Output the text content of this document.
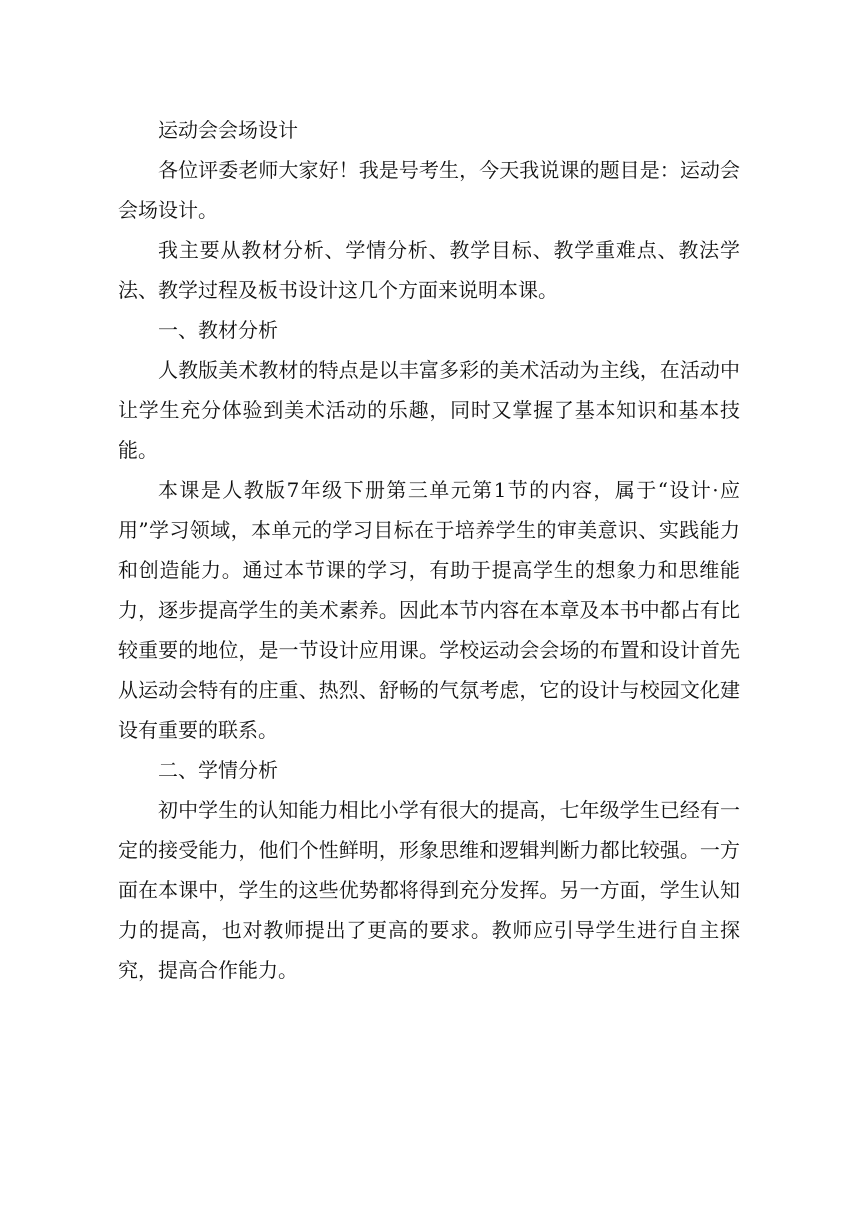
运动会会场设计

各位评委老师大家好！我是号考生，今天我说课的题目是：运动会会场设计。

我主要从教材分析、学情分析、教学目标、教学重难点、教法学法、教学过程及板书设计这几个方面来说明本课。

一、教材分析

人教版美术教材的特点是以丰富多彩的美术活动为主线，在活动中让学生充分体验到美术活动的乐趣，同时又掌握了基本知识和基本技能。

本课是人教版7年级下册第三单元第1节的内容，属于“设计·应用”学习领域，本单元的学习目标在于培养学生的审美意识、实践能力和创造能力。通过本节课的学习，有助于提高学生的想象力和思维能力，逐步提高学生的美术素养。因此本节内容在本章及本书中都占有比较重要的地位，是一节设计应用课。学校运动会会场的布置和设计首先从运动会特有的庄重、热烈、舒畅的气氛考虑，它的设计与校园文化建设有重要的联系。

二、学情分析

初中学生的认知能力相比小学有很大的提高，七年级学生已经有一定的接受能力，他们个性鲜明，形象思维和逻辑判断力都比较强。一方面在本课中，学生的这些优势都将得到充分发挥。另一方面，学生认知力的提高，也对教师提出了更高的要求。教师应引导学生进行自主探究，提高合作能力。
